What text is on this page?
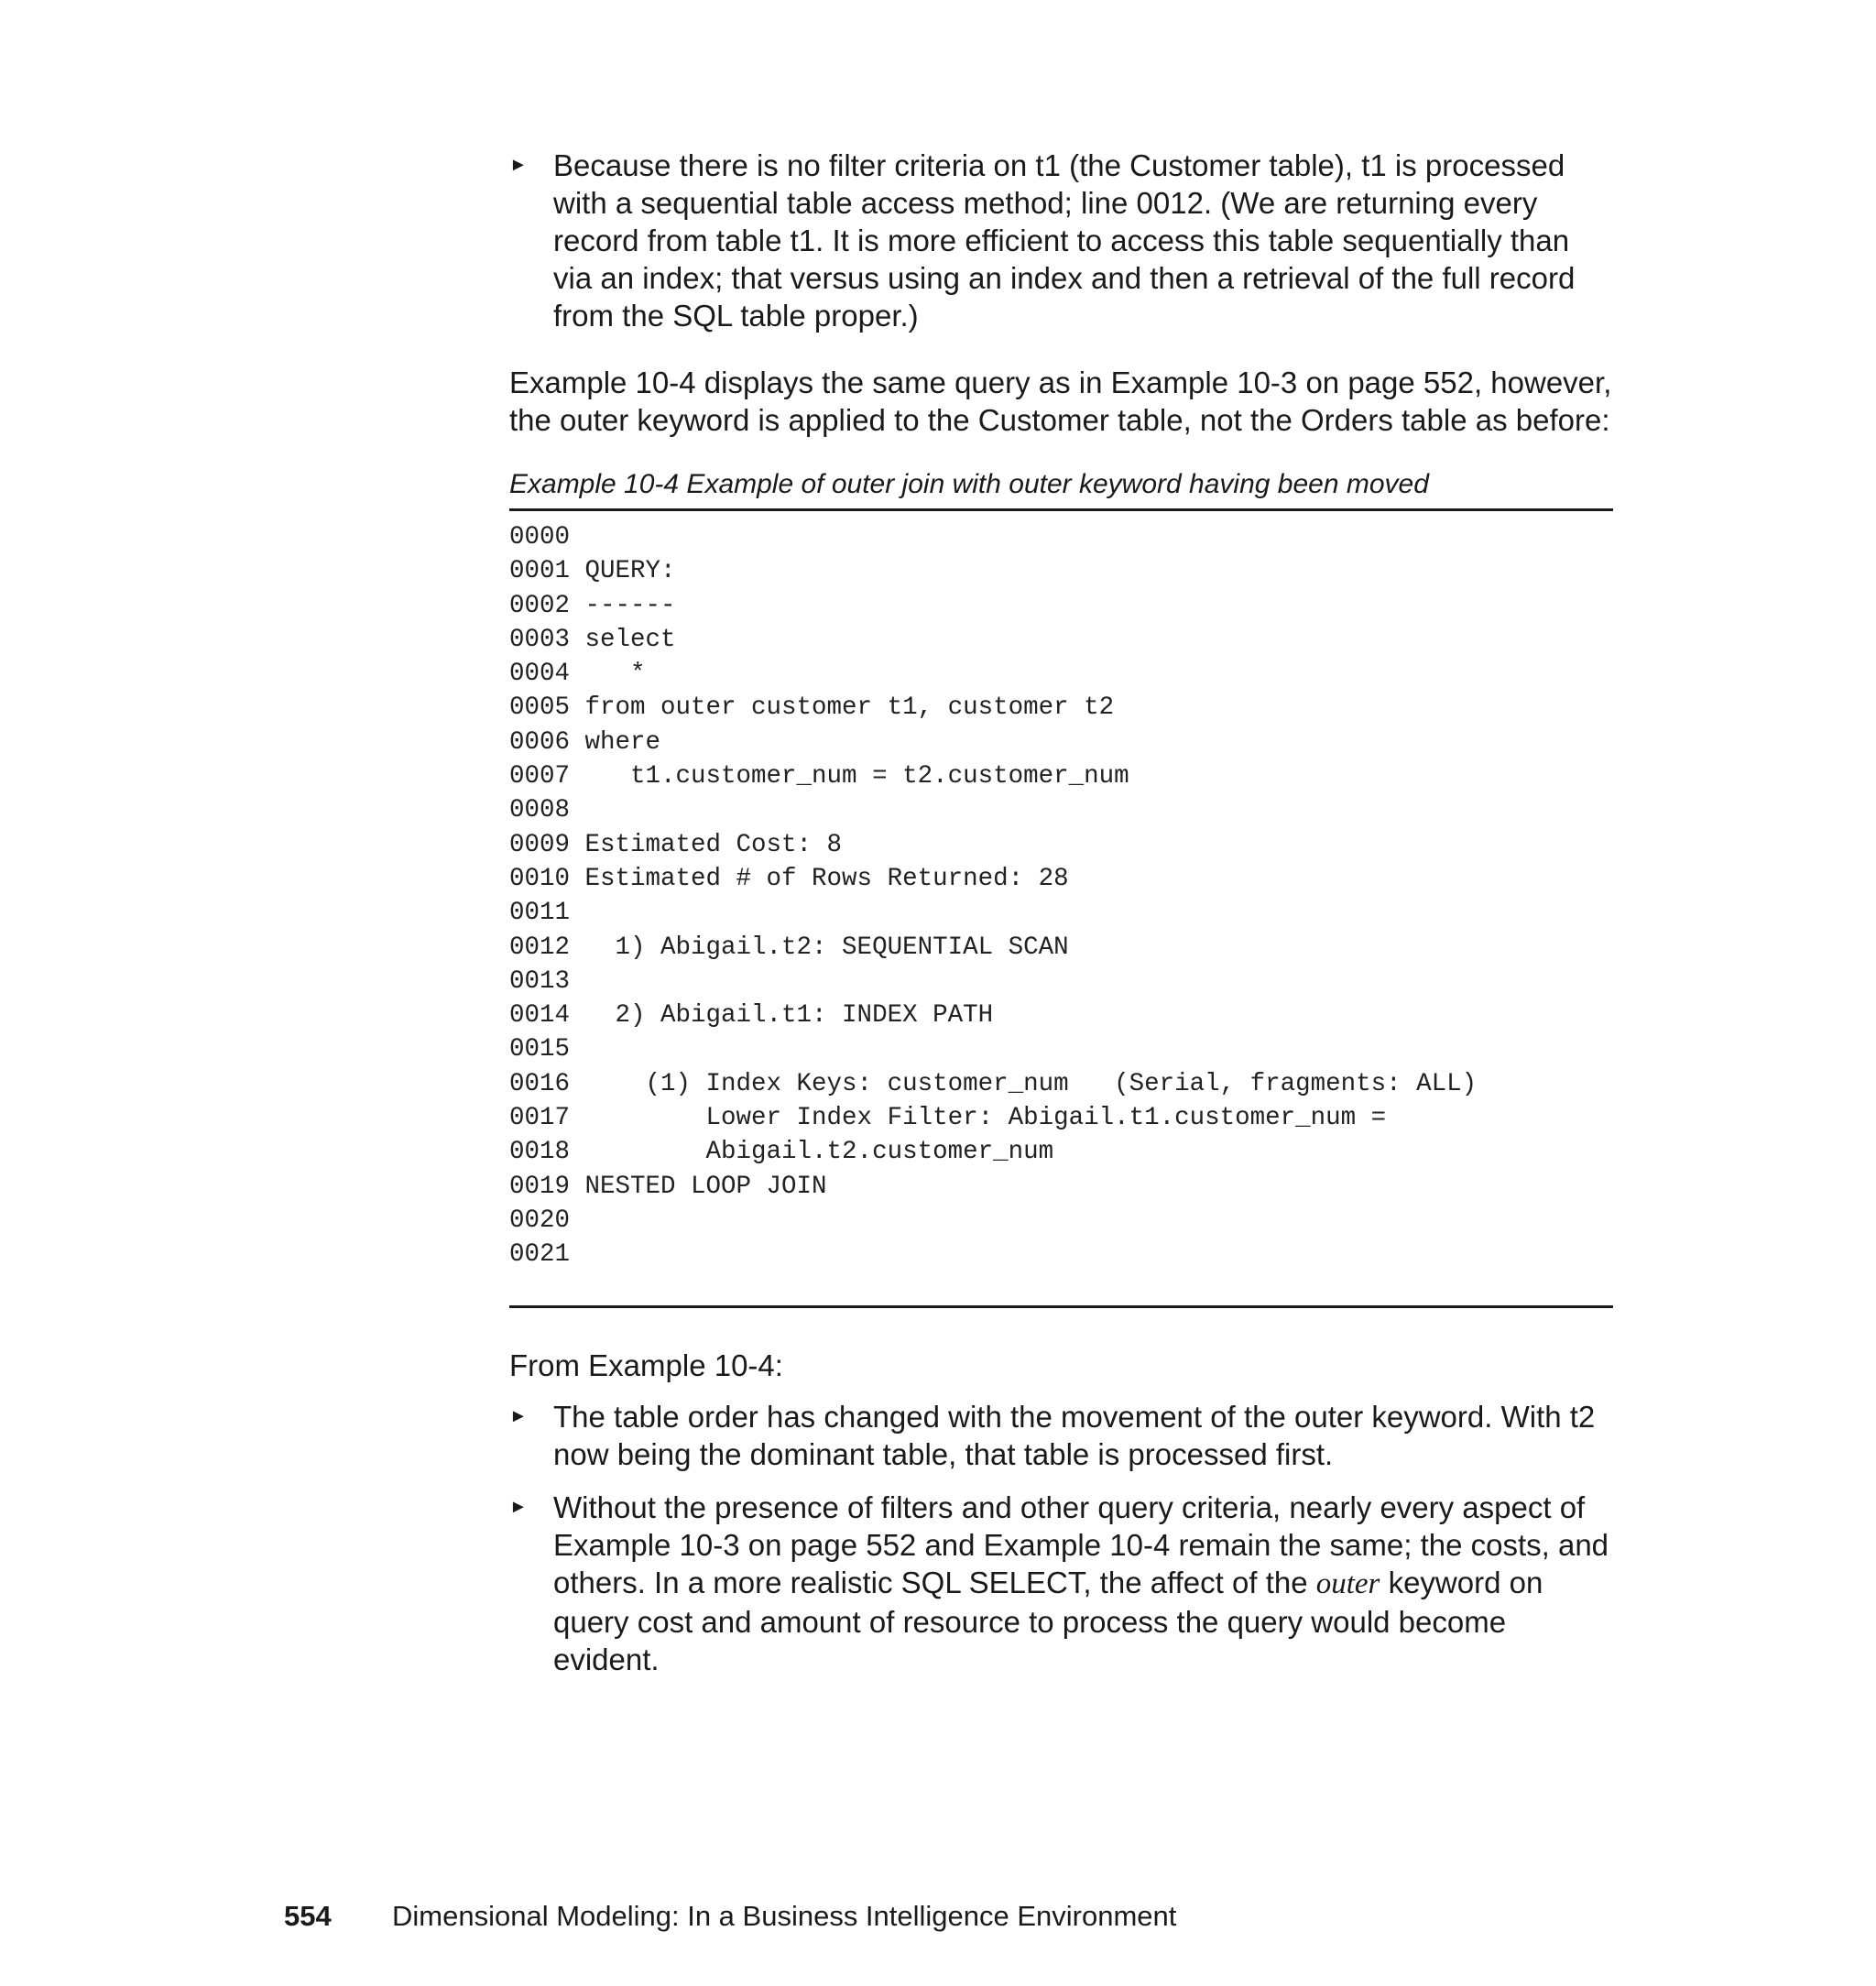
► Because there is no filter criteria on t1 (the Customer table), t1 is processed with a sequential table access method; line 0012. (We are returning every record from table t1. It is more efficient to access this table sequentially than via an index; that versus using an index and then a retrieval of the full record from the SQL table proper.)
Example 10-4 displays the same query as in Example 10-3 on page 552, however, the outer keyword is applied to the Customer table, not the Orders table as before:
Example 10-4 Example of outer join with outer keyword having been moved
0000
0001 QUERY:
0002 ------
0003 select
0004    *
0005 from outer customer t1, customer t2
0006 where
0007    t1.customer_num = t2.customer_num
0008
0009 Estimated Cost: 8
0010 Estimated # of Rows Returned: 28
0011
0012   1) Abigail.t2: SEQUENTIAL SCAN
0013
0014   2) Abigail.t1: INDEX PATH
0015
0016     (1) Index Keys: customer_num   (Serial, fragments: ALL)
0017         Lower Index Filter: Abigail.t1.customer_num =
0018         Abigail.t2.customer_num
0019 NESTED LOOP JOIN
0020
0021
From Example 10-4:
► The table order has changed with the movement of the outer keyword. With t2 now being the dominant table, that table is processed first.
► Without the presence of filters and other query criteria, nearly every aspect of Example 10-3 on page 552 and Example 10-4 remain the same; the costs, and others. In a more realistic SQL SELECT, the affect of the outer keyword on query cost and amount of resource to process the query would become evident.
554 Dimensional Modeling: In a Business Intelligence Environment
